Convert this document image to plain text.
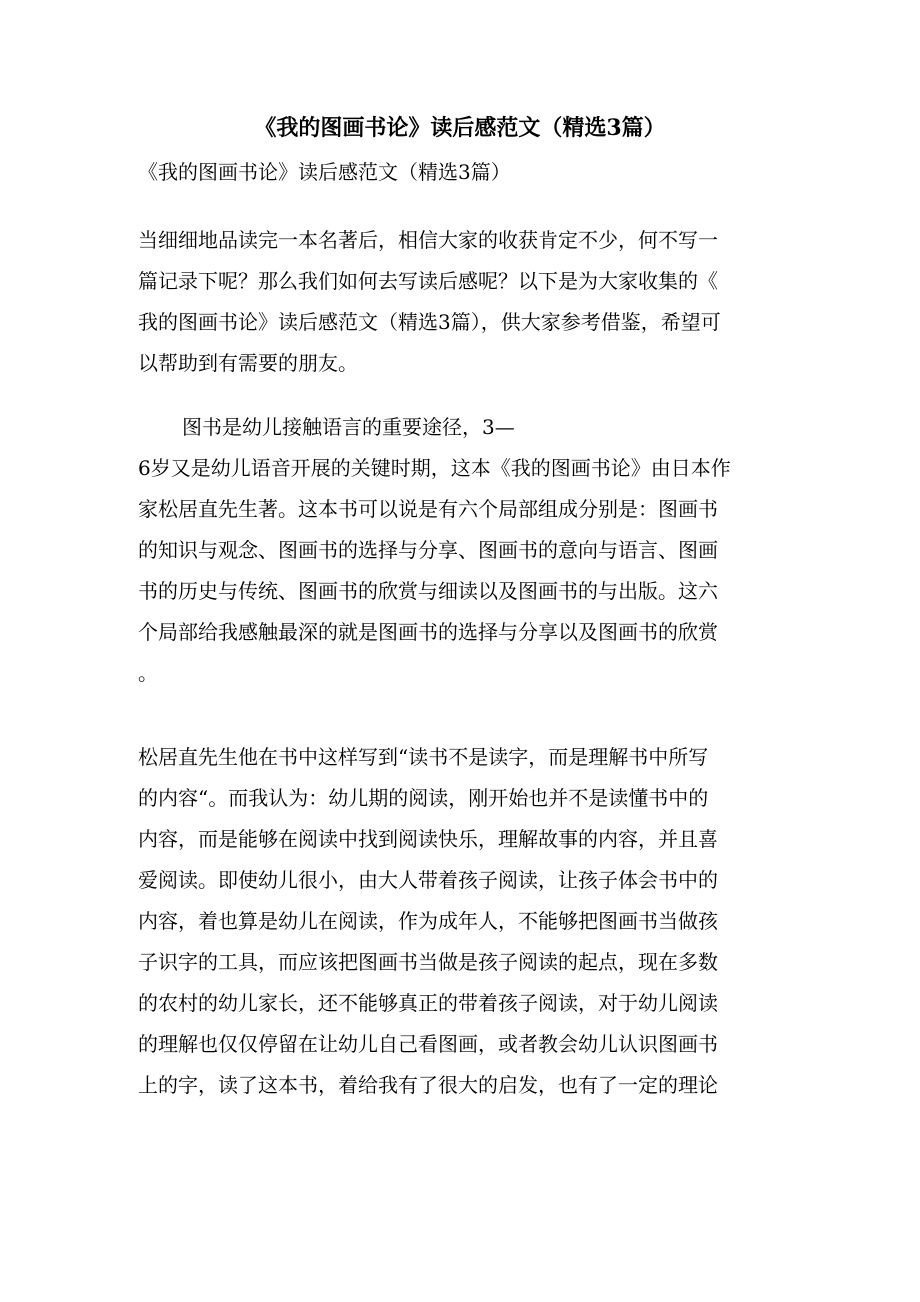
《我的图画书论》读后感范文（精选3篇）
《我的图画书论》读后感范文（精选3篇）
当细细地品读完一本名著后，相信大家的收获肯定不少，何不写一
篇记录下呢？那么我们如何去写读后感呢？以下是为大家收集的《
我的图画书论》读后感范文（精选3篇），供大家参考借鉴，希望可
以帮助到有需要的朋友。
图书是幼儿接触语言的重要途径，3—
6岁又是幼儿语音开展的关键时期，这本《我的图画书论》由日本作
家松居直先生著。这本书可以说是有六个局部组成分别是：图画书
的知识与观念、图画书的选择与分享、图画书的意向与语言、图画
书的历史与传统、图画书的欣赏与细读以及图画书的与出版。这六
个局部给我感触最深的就是图画书的选择与分享以及图画书的欣赏
。
松居直先生他在书中这样写到“读书不是读字，而是理解书中所写
的内容“。而我认为：幼儿期的阅读，刚开始也并不是读懂书中的
内容，而是能够在阅读中找到阅读快乐，理解故事的内容，并且喜
爱阅读。即使幼儿很小，由大人带着孩子阅读，让孩子体会书中的
内容，着也算是幼儿在阅读，作为成年人，不能够把图画书当做孩
子识字的工具，而应该把图画书当做是孩子阅读的起点，现在多数
的农村的幼儿家长，还不能够真正的带着孩子阅读，对于幼儿阅读
的理解也仅仅停留在让幼儿自己看图画，或者教会幼儿认识图画书
上的字，读了这本书，着给我有了很大的启发，也有了一定的理论
